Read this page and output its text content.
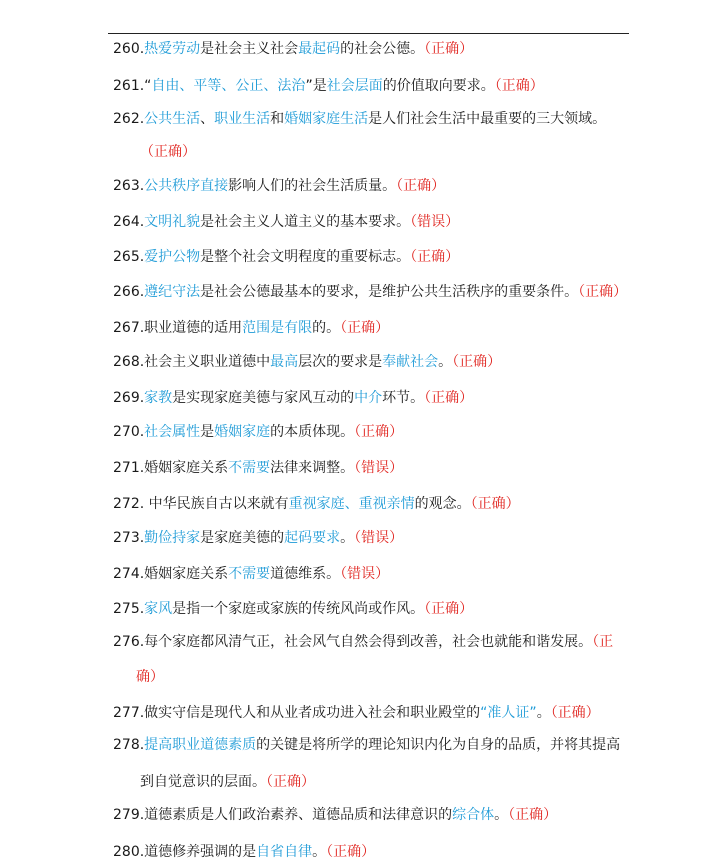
260.热爱劳动是社会主义社会最起码的社会公德。（正确）
261.“自由、平等、公正、法治”是社会层面的价值取向要求。（正确）
262.公共生活、职业生活和婚姻家庭生活是人们社会生活中最重要的三大领域。
（正确）
263.公共秩序直接影响人们的社会生活质量。（正确）
264.文明礼貌是社会主义人道主义的基本要求。（错误）
265.爱护公物是整个社会文明程度的重要标志。（正确）
266.遵纪守法是社会公德最基本的要求，是维护公共生活秩序的重要条件。（正确）
267.职业道德的适用范围是有限的。（正确）
268.社会主义职业道德中最高层次的要求是奉献社会。（正确）
269.家教是实现家庭美德与家风互动的中介环节。（正确）
270.社会属性是婚姻家庭的本质体现。（正确）
271.婚姻家庭关系不需要法律来调整。（错误）
272. 中华民族自古以来就有重视家庭、重视亲情的观念。（正确）
273.勤俭持家是家庭美德的起码要求。（错误）
274.婚姻家庭关系不需要道德维系。（错误）
275.家风是指一个家庭或家族的传统风尚或作风。（正确）
276.每个家庭都风清气正，社会风气自然会得到改善，社会也就能和谐发展。（正
确）
277.做实守信是现代人和从业者成功进入社会和职业殿堂的“准人证”。（正确）
278.提高职业道德素质的关键是将所学的理论知识内化为自身的品质，并将其提高
到自觉意识的层面。（正确）
279.道德素质是人们政治素养、道德品质和法律意识的综合体。（正确）
280.道德修养强调的是自省自律。（正确）
